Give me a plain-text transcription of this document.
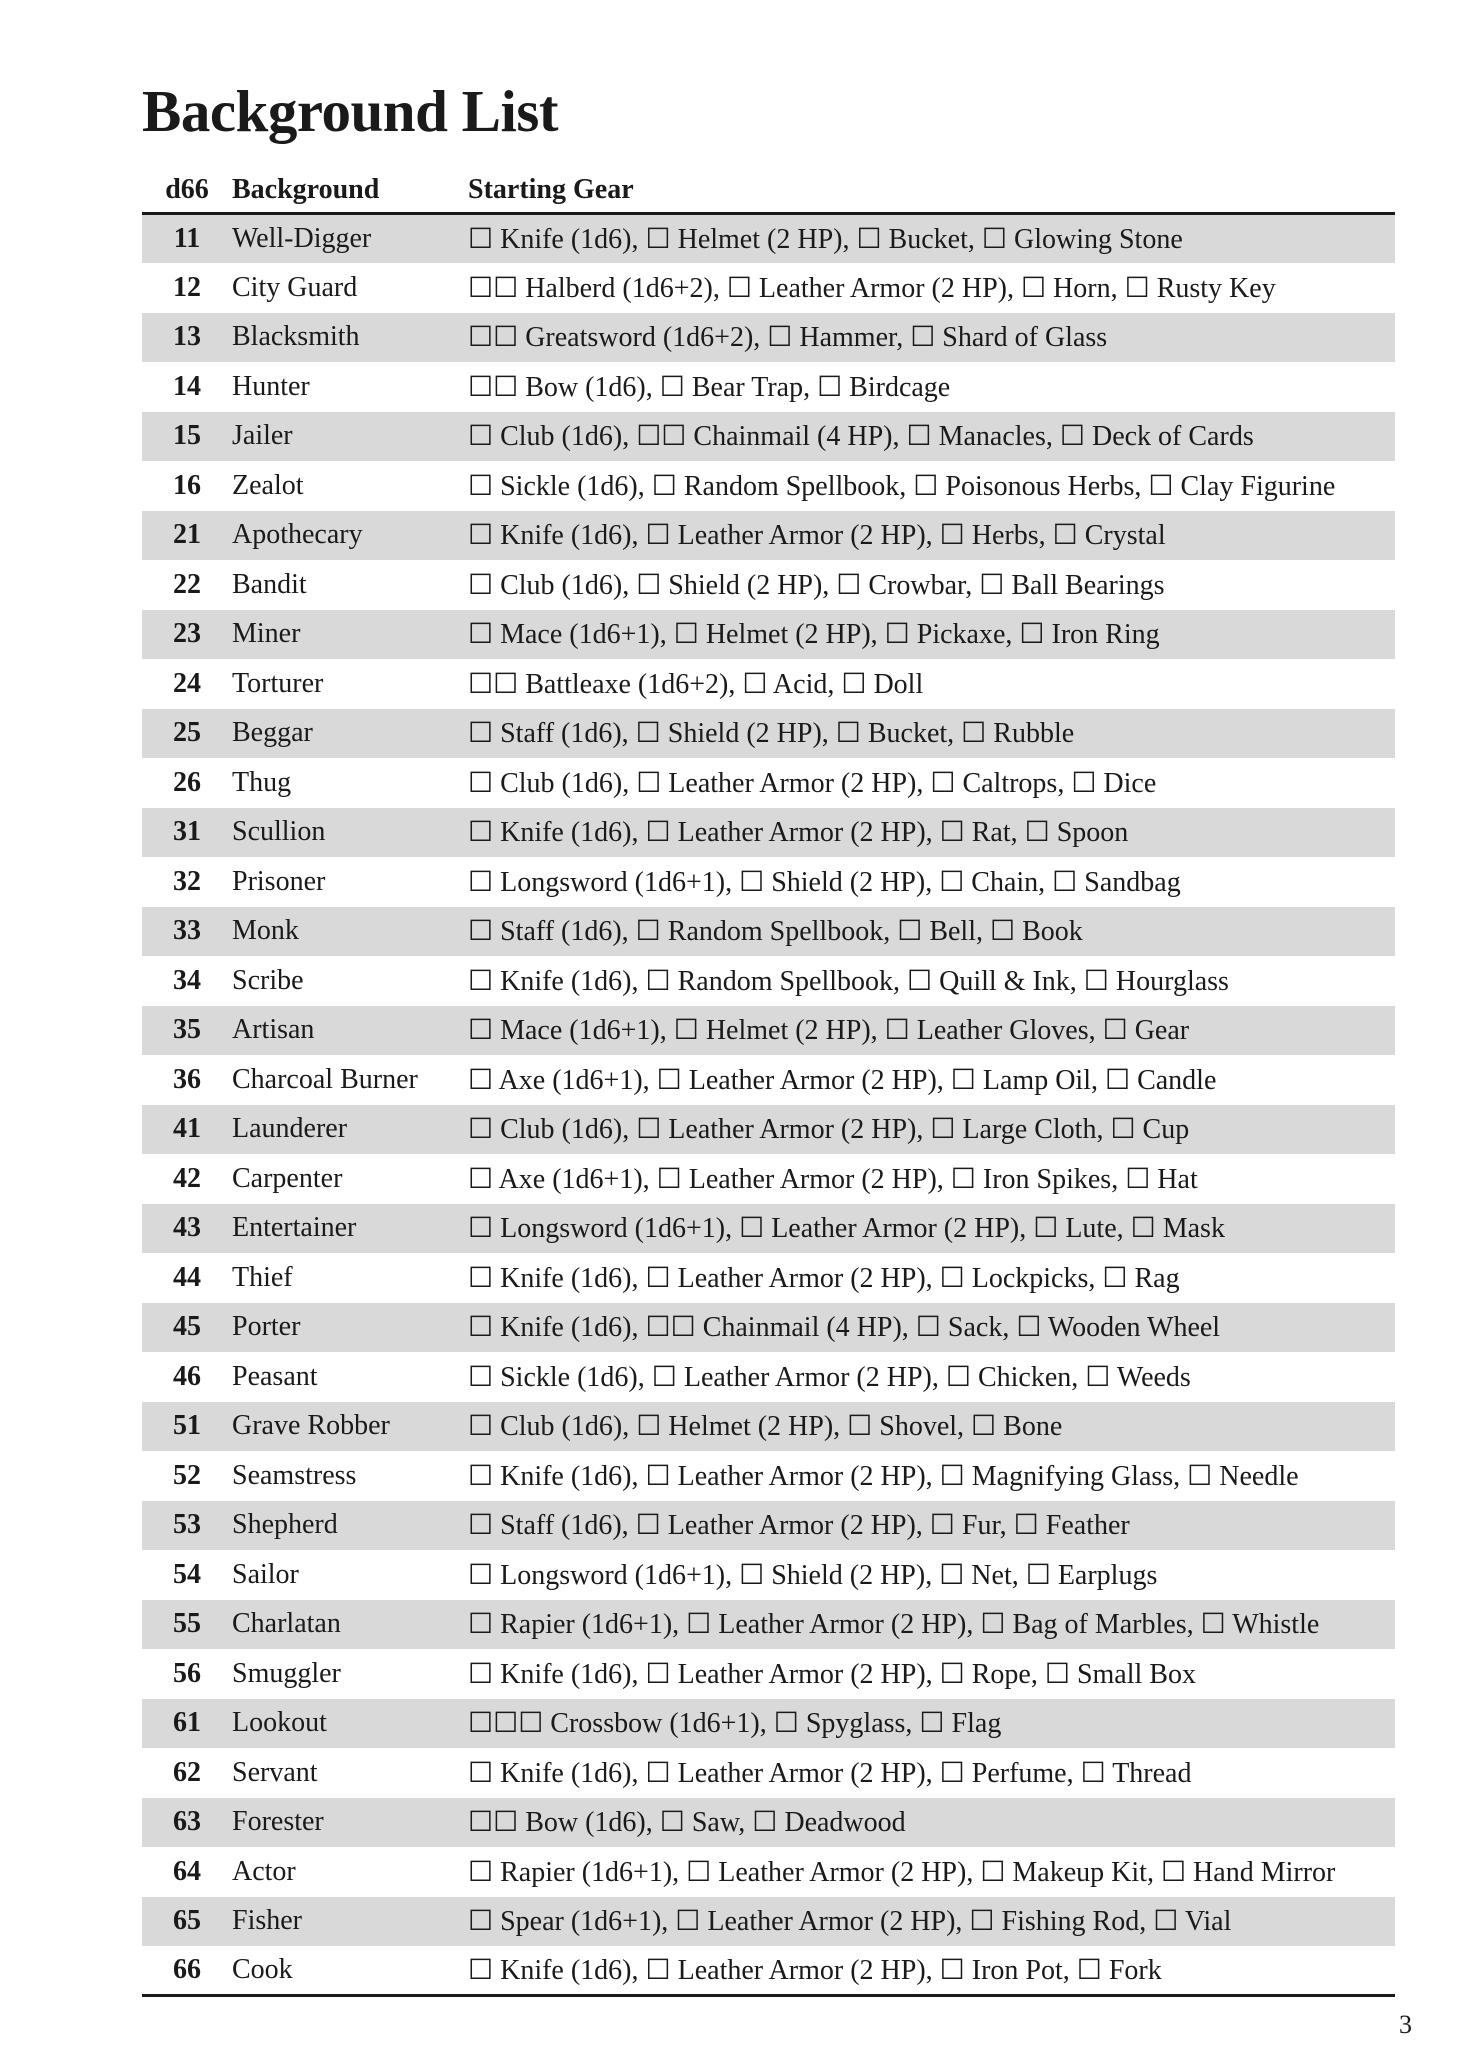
Background List
d66	Background	Starting Gear
11	Well-Digger	☐ Knife (1d6), ☐ Helmet (2 HP), ☐ Bucket, ☐ Glowing Stone
12	City Guard	☐☐ Halberd (1d6+2), ☐ Leather Armor (2 HP), ☐ Horn, ☐ Rusty Key
13	Blacksmith	☐☐ Greatsword (1d6+2), ☐ Hammer, ☐ Shard of Glass
14	Hunter	☐☐ Bow (1d6), ☐ Bear Trap, ☐ Birdcage
15	Jailer	☐ Club (1d6), ☐☐ Chainmail (4 HP), ☐ Manacles, ☐ Deck of Cards
16	Zealot	☐ Sickle (1d6), ☐ Random Spellbook, ☐ Poisonous Herbs, ☐ Clay Figurine
21	Apothecary	☐ Knife (1d6), ☐ Leather Armor (2 HP), ☐ Herbs, ☐ Crystal
22	Bandit	☐ Club (1d6), ☐ Shield (2 HP), ☐ Crowbar, ☐ Ball Bearings
23	Miner	☐ Mace (1d6+1), ☐ Helmet (2 HP), ☐ Pickaxe, ☐ Iron Ring
24	Torturer	☐☐ Battleaxe (1d6+2), ☐ Acid, ☐ Doll
25	Beggar	☐ Staff (1d6), ☐ Shield (2 HP), ☐ Bucket, ☐ Rubble
26	Thug	☐ Club (1d6), ☐ Leather Armor (2 HP), ☐ Caltrops, ☐ Dice
31	Scullion	☐ Knife (1d6), ☐ Leather Armor (2 HP), ☐ Rat, ☐ Spoon
32	Prisoner	☐ Longsword (1d6+1), ☐ Shield (2 HP), ☐ Chain, ☐ Sandbag
33	Monk	☐ Staff (1d6), ☐ Random Spellbook, ☐ Bell, ☐ Book
34	Scribe	☐ Knife (1d6), ☐ Random Spellbook, ☐ Quill & Ink, ☐ Hourglass
35	Artisan	☐ Mace (1d6+1), ☐ Helmet (2 HP), ☐ Leather Gloves, ☐ Gear
36	Charcoal Burner	☐ Axe (1d6+1), ☐ Leather Armor (2 HP), ☐ Lamp Oil, ☐ Candle
41	Launderer	☐ Club (1d6), ☐ Leather Armor (2 HP), ☐ Large Cloth, ☐ Cup
42	Carpenter	☐ Axe (1d6+1), ☐ Leather Armor (2 HP), ☐ Iron Spikes, ☐ Hat
43	Entertainer	☐ Longsword (1d6+1), ☐ Leather Armor (2 HP), ☐ Lute, ☐ Mask
44	Thief	☐ Knife (1d6), ☐ Leather Armor (2 HP), ☐ Lockpicks, ☐ Rag
45	Porter	☐ Knife (1d6), ☐☐ Chainmail (4 HP), ☐ Sack, ☐ Wooden Wheel
46	Peasant	☐ Sickle (1d6), ☐ Leather Armor (2 HP), ☐ Chicken, ☐ Weeds
51	Grave Robber	☐ Club (1d6), ☐ Helmet (2 HP), ☐ Shovel, ☐ Bone
52	Seamstress	☐ Knife (1d6), ☐ Leather Armor (2 HP), ☐ Magnifying Glass, ☐ Needle
53	Shepherd	☐ Staff (1d6), ☐ Leather Armor (2 HP), ☐ Fur, ☐ Feather
54	Sailor	☐ Longsword (1d6+1), ☐ Shield (2 HP), ☐ Net, ☐ Earplugs
55	Charlatan	☐ Rapier (1d6+1), ☐ Leather Armor (2 HP), ☐ Bag of Marbles, ☐ Whistle
56	Smuggler	☐ Knife (1d6), ☐ Leather Armor (2 HP), ☐ Rope, ☐ Small Box
61	Lookout	☐☐☐ Crossbow (1d6+1), ☐ Spyglass, ☐ Flag
62	Servant	☐ Knife (1d6), ☐ Leather Armor (2 HP), ☐ Perfume, ☐ Thread
63	Forester	☐☐ Bow (1d6), ☐ Saw, ☐ Deadwood
64	Actor	☐ Rapier (1d6+1), ☐ Leather Armor (2 HP), ☐ Makeup Kit, ☐ Hand Mirror
65	Fisher	☐ Spear (1d6+1), ☐ Leather Armor (2 HP), ☐ Fishing Rod, ☐ Vial
66	Cook	☐ Knife (1d6), ☐ Leather Armor (2 HP), ☐ Iron Pot, ☐ Fork
3
